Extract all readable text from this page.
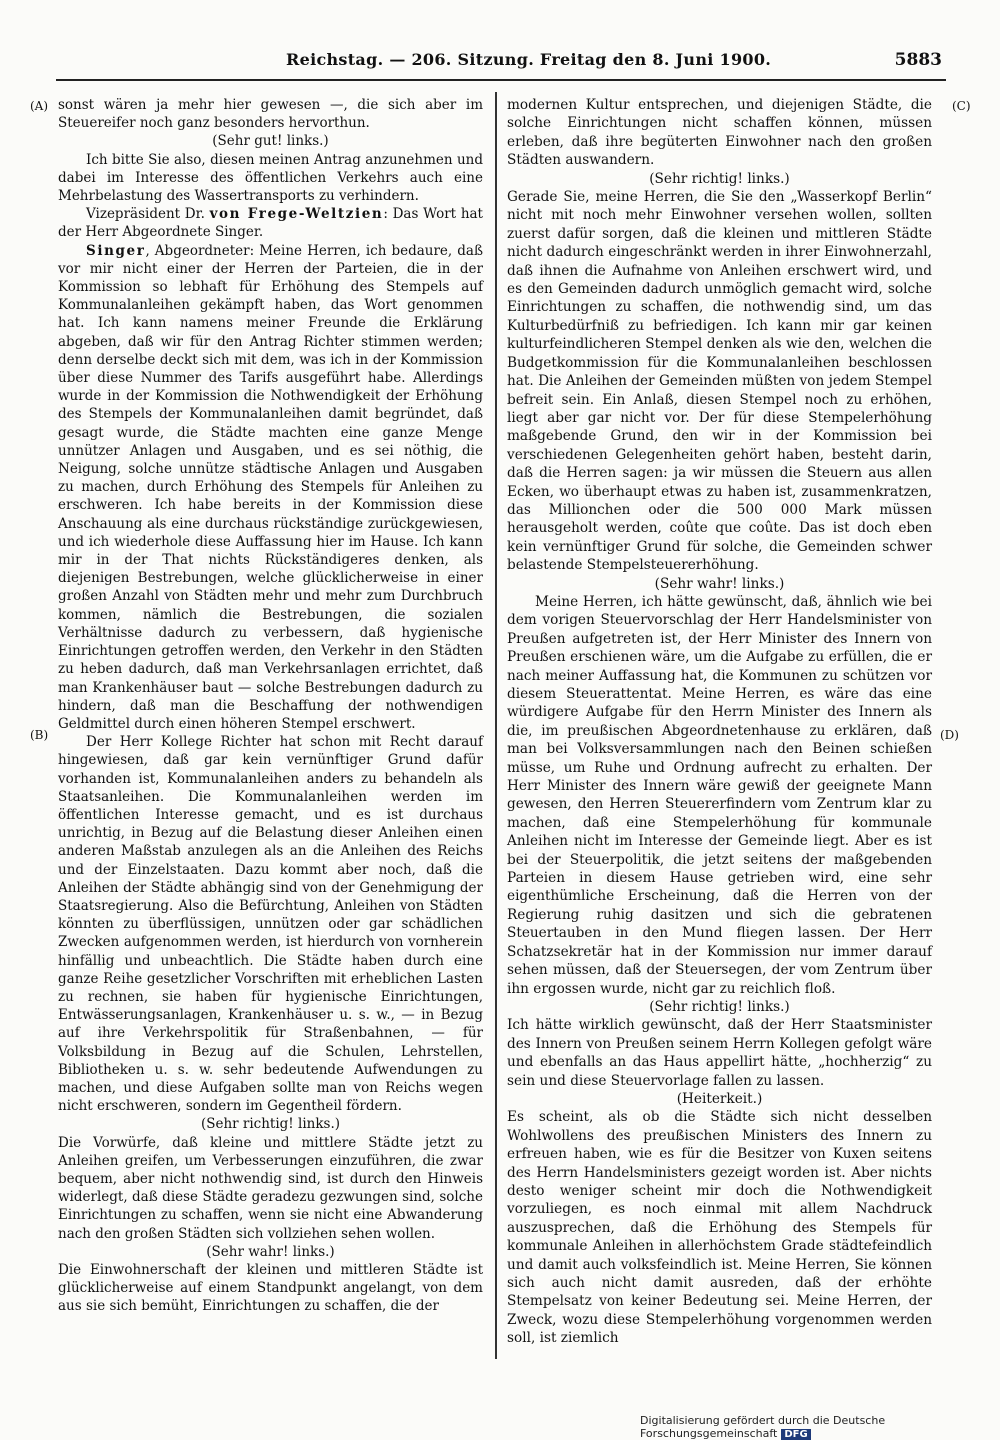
Reichstag. — 206. Sitzung. Freitag den 8. Juni 1900.	5883
(A)
(B)
(C)
(D)

sonst wären ja mehr hier gewesen —, die sich aber im Steuereifer noch ganz besonders hervorthun.

(Sehr gut! links.)

Ich bitte Sie also, diesen meinen Antrag anzunehmen und dabei im Interesse des öffentlichen Verkehrs auch eine Mehrbelastung des Wassertransports zu verhindern.

Vizepräsident Dr. von Frege-Weltzien: Das Wort hat der Herr Abgeordnete Singer.

Singer, Abgeordneter: Meine Herren, ich bedaure, daß vor mir nicht einer der Herren der Parteien, die in der Kommission so lebhaft für Erhöhung des Stempels auf Kommunalanleihen gekämpft haben, das Wort genommen hat. Ich kann namens meiner Freunde die Erklärung abgeben, daß wir für den Antrag Richter stimmen werden; denn derselbe deckt sich mit dem, was ich in der Kommission über diese Nummer des Tarifs ausgeführt habe. Allerdings wurde in der Kommission die Nothwendigkeit der Erhöhung des Stempels der Kommunalanleihen damit begründet, daß gesagt wurde, die Städte machten eine ganze Menge unnützer Anlagen und Ausgaben, und es sei nöthig, die Neigung, solche unnütze städtische Anlagen und Ausgaben zu machen, durch Erhöhung des Stempels für Anleihen zu erschweren. Ich habe bereits in der Kommission diese Anschauung als eine durchaus rückständige zurückgewiesen, und ich wiederhole diese Auffassung hier im Hause. Ich kann mir in der That nichts Rückständigeres denken, als diejenigen Bestrebungen, welche glücklicherweise in einer großen Anzahl von Städten mehr und mehr zum Durchbruch kommen, nämlich die Bestrebungen, die sozialen Verhältnisse dadurch zu verbessern, daß hygienische Einrichtungen getroffen werden, den Verkehr in den Städten zu heben dadurch, daß man Verkehrsanlagen errichtet, daß man Krankenhäuser baut — solche Bestrebungen dadurch zu hindern, daß man die Beschaffung der nothwendigen Geldmittel durch einen höheren Stempel erschwert.

Der Herr Kollege Richter hat schon mit Recht darauf hingewiesen, daß gar kein vernünftiger Grund dafür vorhanden ist, Kommunalanleihen anders zu behandeln als Staatsanleihen. Die Kommunalanleihen werden im öffentlichen Interesse gemacht, und es ist durchaus unrichtig, in Bezug auf die Belastung dieser Anleihen einen anderen Maßstab anzulegen als an die Anleihen des Reichs und der Einzelstaaten. Dazu kommt aber noch, daß die Anleihen der Städte abhängig sind von der Genehmigung der Staatsregierung. Also die Befürchtung, Anleihen von Städten könnten zu überflüssigen, unnützen oder gar schädlichen Zwecken aufgenommen werden, ist hierdurch von vornherein hinfällig und unbeachtlich. Die Städte haben durch eine ganze Reihe gesetzlicher Vorschriften mit erheblichen Lasten zu rechnen, sie haben für hygienische Einrichtungen, Entwässerungsanlagen, Krankenhäuser u. s. w., — in Bezug auf ihre Verkehrspolitik für Straßenbahnen, — für Volksbildung in Bezug auf die Schulen, Lehrstellen, Bibliotheken u. s. w. sehr bedeutende Aufwendungen zu machen, und diese Aufgaben sollte man von Reichs wegen nicht erschweren, sondern im Gegentheil fördern.

(Sehr richtig! links.)

Die Vorwürfe, daß kleine und mittlere Städte jetzt zu Anleihen greifen, um Verbesserungen einzuführen, die zwar bequem, aber nicht nothwendig sind, ist durch den Hinweis widerlegt, daß diese Städte geradezu gezwungen sind, solche Einrichtungen zu schaffen, wenn sie nicht eine Abwanderung nach den großen Städten sich vollziehen sehen wollen.

(Sehr wahr! links.)

Die Einwohnerschaft der kleinen und mittleren Städte ist glücklicherweise auf einem Standpunkt angelangt, von dem aus sie sich bemüht, Einrichtungen zu schaffen, die der

modernen Kultur entsprechen, und diejenigen Städte, die solche Einrichtungen nicht schaffen können, müssen erleben, daß ihre begüterten Einwohner nach den großen Städten auswandern.

(Sehr richtig! links.)

Gerade Sie, meine Herren, die Sie den „Wasserkopf Berlin“ nicht mit noch mehr Einwohner versehen wollen, sollten zuerst dafür sorgen, daß die kleinen und mittleren Städte nicht dadurch eingeschränkt werden in ihrer Einwohnerzahl, daß ihnen die Aufnahme von Anleihen erschwert wird, und es den Gemeinden dadurch unmöglich gemacht wird, solche Einrichtungen zu schaffen, die nothwendig sind, um das Kulturbedürfniß zu befriedigen. Ich kann mir gar keinen kulturfeindlicheren Stempel denken als wie den, welchen die Budgetkommission für die Kommunalanleihen beschlossen hat. Die Anleihen der Gemeinden müßten von jedem Stempel befreit sein. Ein Anlaß, diesen Stempel noch zu erhöhen, liegt aber gar nicht vor. Der für diese Stempelerhöhung maßgebende Grund, den wir in der Kommission bei verschiedenen Gelegenheiten gehört haben, besteht darin, daß die Herren sagen: ja wir müssen die Steuern aus allen Ecken, wo überhaupt etwas zu haben ist, zusammenkratzen, das Millionchen oder die 500 000 Mark müssen herausgeholt werden, coûte que coûte. Das ist doch eben kein vernünftiger Grund für solche, die Gemeinden schwer belastende Stempelsteuererhöhung.

(Sehr wahr! links.)

Meine Herren, ich hätte gewünscht, daß, ähnlich wie bei dem vorigen Steuervorschlag der Herr Handelsminister von Preußen aufgetreten ist, der Herr Minister des Innern von Preußen erschienen wäre, um die Aufgabe zu erfüllen, die er nach meiner Auffassung hat, die Kommunen zu schützen vor diesem Steuerattentat. Meine Herren, es wäre das eine würdigere Aufgabe für den Herrn Minister des Innern als die, im preußischen Abgeordnetenhause zu erklären, daß man bei Volksversammlungen nach den Beinen schießen müsse, um Ruhe und Ordnung aufrecht zu erhalten. Der Herr Minister des Innern wäre gewiß der geeignete Mann gewesen, den Herren Steuererfindern vom Zentrum klar zu machen, daß eine Stempelerhöhung für kommunale Anleihen nicht im Interesse der Gemeinde liegt. Aber es ist bei der Steuerpolitik, die jetzt seitens der maßgebenden Parteien in diesem Hause getrieben wird, eine sehr eigenthümliche Erscheinung, daß die Herren von der Regierung ruhig dasitzen und sich die gebratenen Steuertauben in den Mund fliegen lassen. Der Herr Schatzsekretär hat in der Kommission nur immer darauf sehen müssen, daß der Steuersegen, der vom Zentrum über ihn ergossen wurde, nicht gar zu reichlich floß.

(Sehr richtig! links.)

Ich hätte wirklich gewünscht, daß der Herr Staatsminister des Innern von Preußen seinem Herrn Kollegen gefolgt wäre und ebenfalls an das Haus appellirt hätte, „hochherzig“ zu sein und diese Steuervorlage fallen zu lassen.

(Heiterkeit.)

Es scheint, als ob die Städte sich nicht desselben Wohlwollens des preußischen Ministers des Innern zu erfreuen haben, wie es für die Besitzer von Kuxen seitens des Herrn Handelsministers gezeigt worden ist. Aber nichts desto weniger scheint mir doch die Nothwendigkeit vorzuliegen, es noch einmal mit allem Nachdruck auszusprechen, daß die Erhöhung des Stempels für kommunale Anleihen in allerhöchstem Grade städtefeindlich und damit auch volksfeindlich ist. Meine Herren, Sie können sich auch nicht damit ausreden, daß der erhöhte Stempelsatz von keiner Bedeutung sei. Meine Herren, der Zweck, wozu diese Stempelerhöhung vorgenommen werden soll, ist ziemlich

Digitalisierung gefördert durch die Deutsche Forschungsgemeinschaft DFG
